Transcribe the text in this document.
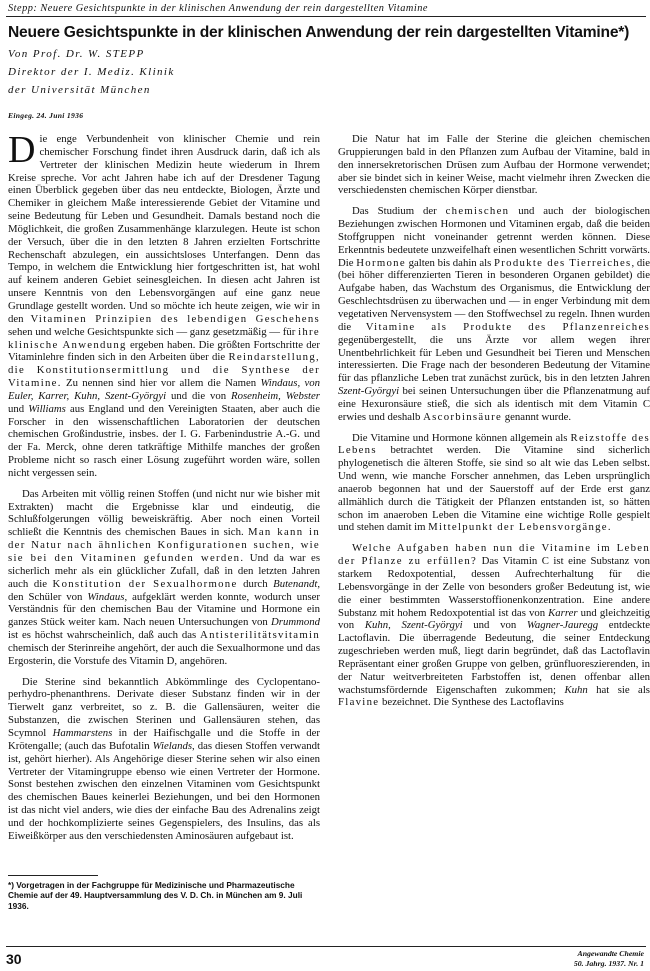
Stepp: Neuere Gesichtspunkte in der klinischen Anwendung der rein dargestellten Vitamine
Neuere Gesichtspunkte in der klinischen Anwendung der rein dargestellten Vitamine*)
Von Prof. Dr. W. STEPP
Direktor der I. Mediz. Klinik
der Universität München
Eingeg. 24. Juni 1936

Die enge Verbundenheit von klinischer Chemie und rein chemischer Forschung findet ihren Ausdruck darin, daß ich als Vertreter der klinischen Medizin heute wiederum in Ihrem Kreise spreche. Vor acht Jahren habe ich auf der Dresdener Tagung einen Überblick gegeben über das neu entdeckte, Biologen, Ärzte und Chemiker in gleichem Maße interessierende Gebiet der Vitamine und seine Bedeutung für Leben und Gesundheit. Damals bestand noch die Möglichkeit, die großen Zusammenhänge klarzulegen. Heute ist schon der Versuch, über die in den letzten 8 Jahren erzielten Fortschritte Rechenschaft abzulegen, ein aussichtsloses Unterfangen. Denn das Tempo, in welchem die Entwicklung hier fortgeschritten ist, hat wohl auf keinem anderen Gebiet seinesgleichen. In diesen acht Jahren ist unsere Kenntnis von den Lebensvorgängen auf eine ganz neue Grundlage gestellt worden. Und so möchte ich heute zeigen, wie wir in den Vitaminen Prinzipien des lebendigen Geschehens sehen und welche Gesichtspunkte sich — ganz gesetzmäßig — für ihre klinische Anwendung ergeben haben. Die größten Fortschritte der Vitaminlehre finden sich in den Arbeiten über die Reindarstellung, die Konstitutionsermittlung und die Synthese der Vitamine. Zu nennen sind hier vor allem die Namen Windaus, von Euler, Karrer, Kuhn, Szent-Györgyi und die von Rosenheim, Webster und Williams aus England und den Vereinigten Staaten, aber auch die Forscher in den wissenschaftlichen Laboratorien der deutschen chemischen Großindustrie, insbes. der I. G. Farbenindustrie A.-G. und der Fa. Merck, ohne deren tatkräftige Mithilfe manches der großen Probleme nicht so rasch einer Lösung zugeführt worden wäre, sollen nicht vergessen sein.

Das Arbeiten mit völlig reinen Stoffen (und nicht nur wie bisher mit Extrakten) macht die Ergebnisse klar und eindeutig, die Schlußfolgerungen völlig beweiskräftig. Aber noch einen Vorteil schließt die Kenntnis des chemischen Baues in sich. Man kann in der Natur nach ähnlichen Konfigurationen suchen, wie sie bei den Vitaminen gefunden werden. Und da war es sicherlich mehr als ein glücklicher Zufall, daß in den letzten Jahren auch die Konstitution der Sexualhormone durch Butenandt, den Schüler von Windaus, aufgeklärt werden konnte, wodurch unser Verständnis für den chemischen Bau der Vitamine und Hormone ein ganzes Stück weiter kam. Nach neuen Untersuchungen von Drummond ist es höchst wahrscheinlich, daß auch das Antisterilitätsvitamin chemisch der Sterinreihe angehört, der auch die Sexualhormone und das Ergosterin, die Vorstufe des Vitamin D, angehören.

Die Sterine sind bekanntlich Abkömmlinge des Cyclopentano-perhydro-phenanthrens. Derivate dieser Substanz finden wir in der Tierwelt ganz verbreitet, so z. B. die Gallensäuren, weiter die Substanzen, die zwischen Sterinen und Gallensäuren stehen, das Scymnol Hammarstens in der Haifischgalle und die Stoffe in der Krötengalle; (auch das Bufotalin Wielands, das diesen Stoffen verwandt ist, gehört hierher). Als Angehörige dieser Sterine sehen wir also einen Vertreter der Vitamingruppe ebenso wie einen Vertreter der Hormone. Sonst bestehen zwischen den einzelnen Vitaminen vom Gesichtspunkt des chemischen Baues keinerlei Beziehungen, und bei den Hormonen ist das nicht viel anders, wie dies der einfache Bau des Adrenalins zeigt und der hochkomplizierte seines Gegenspielers, des Insulins, das als Eiweißkörper aus den verschiedensten Aminosäuren aufgebaut ist.

Die Natur hat im Falle der Sterine die gleichen chemischen Gruppierungen bald in den Pflanzen zum Aufbau der Vitamine, bald in den innersekretorischen Drüsen zum Aufbau der Hormone verwendet; aber sie bindet sich in keiner Weise, macht vielmehr ihren Zwecken die verschiedensten chemischen Körper dienstbar.

Das Studium der chemischen und auch der biologischen Beziehungen zwischen Hormonen und Vitaminen ergab, daß die beiden Stoffgruppen nicht voneinander getrennt werden können. Diese Erkenntnis bedeutete unzweifelhaft einen wesentlichen Schritt vorwärts. Die Hormone galten bis dahin als Produkte des Tierreiches, die (bei höher differenzierten Tieren in besonderen Organen gebildet) die Aufgabe haben, das Wachstum des Organismus, die Entwicklung der Geschlechtsdrüsen zu überwachen und — in enger Verbindung mit dem vegetativen Nervensystem — den Stoffwechsel zu regeln. Ihnen wurden die Vitamine als Produkte des Pflanzenreiches gegenübergestellt, die uns Ärzte vor allem wegen ihrer Unentbehrlichkeit für Leben und Gesundheit bei Tieren und Menschen interessierten. Die Frage nach der besonderen Bedeutung der Vitamine für das pflanzliche Leben trat zunächst zurück, bis in den letzten Jahren Szent-Györgyi bei seinen Untersuchungen über die Pflanzenatmung auf eine Hexuronsäure stieß, die sich als identisch mit dem Vitamin C erwies und deshalb Ascorbinsäure genannt wurde.

Die Vitamine und Hormone können allgemein als Reizstoffe des Lebens betrachtet werden. Die Vitamine sind sicherlich phylogenetisch die älteren Stoffe, sie sind so alt wie das Leben selbst. Und wenn, wie manche Forscher annehmen, das Leben ursprünglich anaerob begonnen hat und der Sauerstoff auf der Erde erst ganz allmählich durch die Tätigkeit der Pflanzen entstanden ist, so hätten schon im anaeroben Leben die Vitamine eine wichtige Rolle gespielt und stehen damit im Mittelpunkt der Lebensvorgänge.

Welche Aufgaben haben nun die Vitamine im Leben der Pflanze zu erfüllen? Das Vitamin C ist eine Substanz von starkem Redoxpotential, dessen Aufrechterhaltung für die Lebensvorgänge in der Zelle von besonders großer Bedeutung ist, wie die einer bestimmten Wasserstoffionenkonzentration. Eine andere Substanz mit hohem Redoxpotential ist das von Karrer und gleichzeitig von Kuhn, Szent-Györgyi und von Wagner-Jauregg entdeckte Lactoflavin. Die überragende Bedeutung, die seiner Entdeckung zugeschrieben werden muß, liegt darin begründet, daß das Lactoflavin Repräsentant einer großen Gruppe von gelben, grünfluoreszierenden, in der Natur weitverbreiteten Farbstoffen ist, denen offenbar allen wachstumsfördernde Eigenschaften zukommen; Kuhn hat sie als Flavine bezeichnet. Die Synthese des Lactoflavins

*) Vorgetragen in der Fachgruppe für Medizinische und Pharmazeutische Chemie auf der 49. Hauptversammlung des V. D. Ch. in München am 9. Juli 1936.
30	Angewandte Chemie
50. Jahrg. 1937. Nr. 1
